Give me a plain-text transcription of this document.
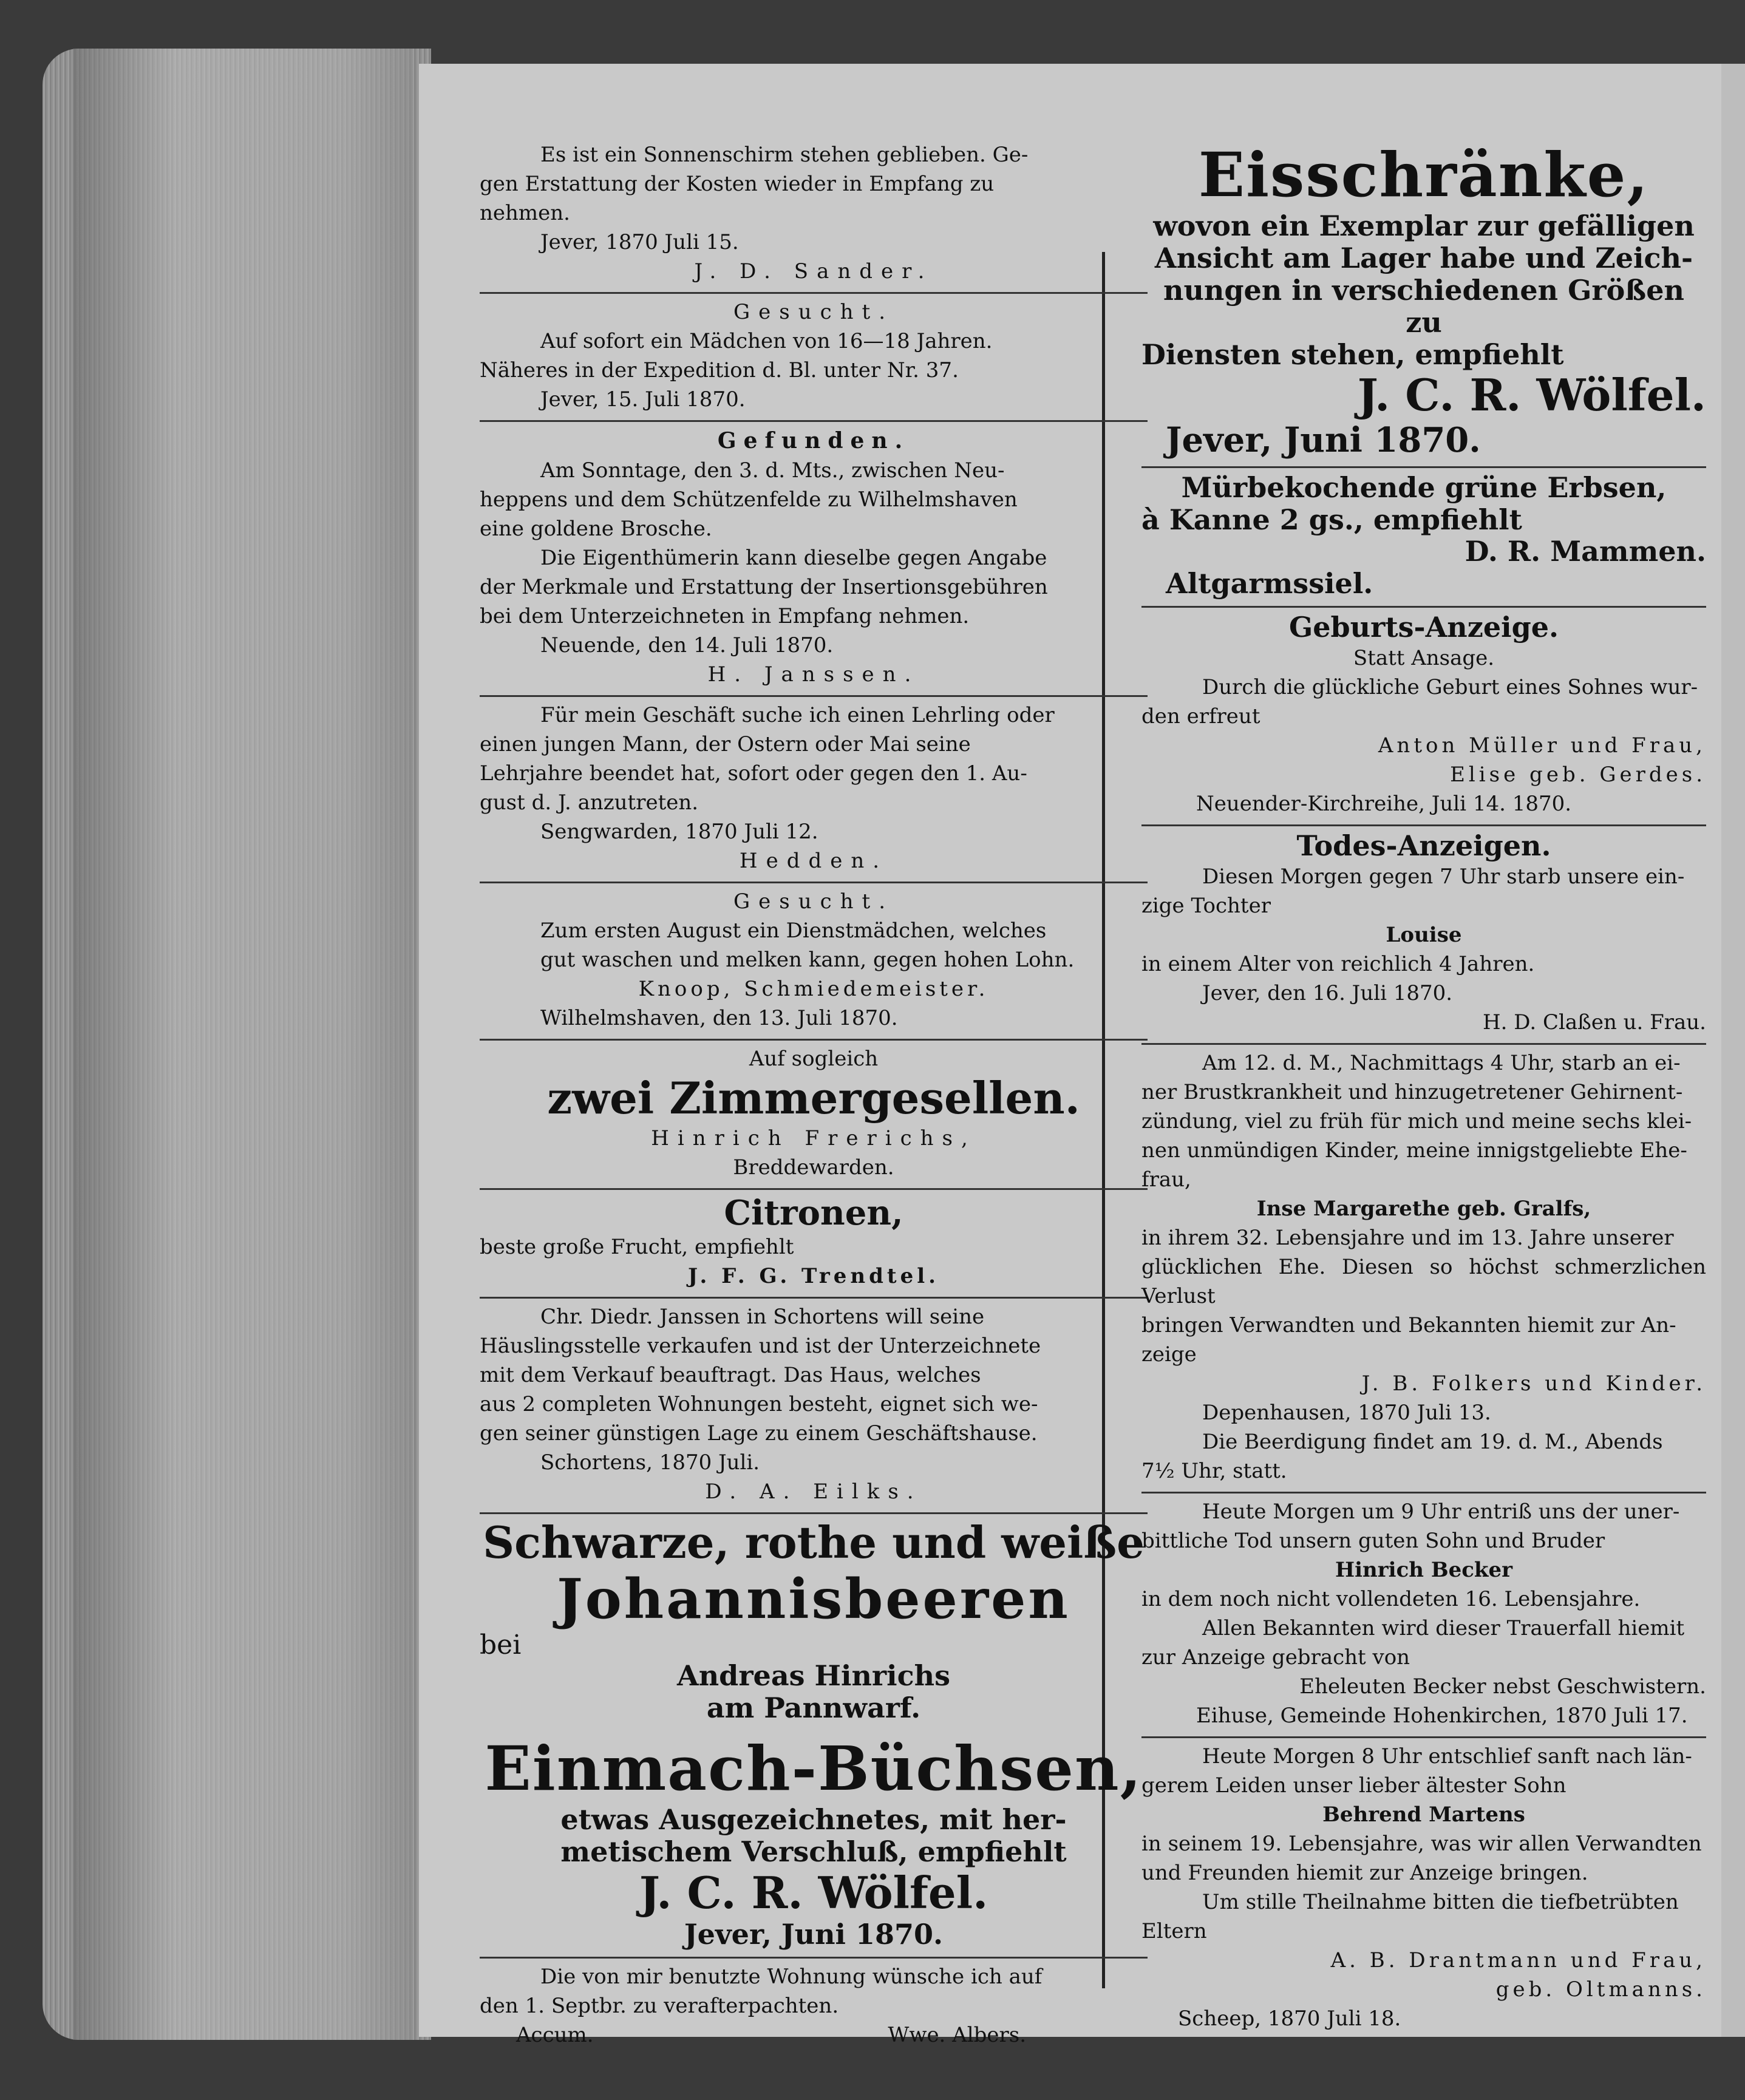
Es ist ein Sonnenschirm stehen geblieben. Ge-

gen Erstattung der Kosten wieder in Empfang zu

nehmen.

Jever, 1870 Juli 15.

J. D. Sander.

Gesucht.

Auf sofort ein Mädchen von 16—18 Jahren.

Näheres in der Expedition d. Bl. unter Nr. 37.

Jever, 15. Juli 1870.

Gefunden.

Am Sonntage, den 3. d. Mts., zwischen Neu-

heppens und dem Schützenfelde zu Wilhelmshaven

eine goldene Brosche.

Die Eigenthümerin kann dieselbe gegen Angabe

der Merkmale und Erstattung der Insertionsgebühren

bei dem Unterzeichneten in Empfang nehmen.

Neuende, den 14. Juli 1870.

H. Janssen.

Für mein Geschäft suche ich einen Lehrling oder

einen jungen Mann, der Ostern oder Mai seine

Lehrjahre beendet hat, sofort oder gegen den 1. Au-

gust d. J. anzutreten.

Sengwarden, 1870 Juli 12.

Hedden.

Gesucht.

Zum ersten August ein Dienstmädchen, welches

gut waschen und melken kann, gegen hohen Lohn.

Knoop, Schmiedemeister.

Wilhelmshaven, den 13. Juli 1870.

Auf sogleich

zwei Zimmergesellen.

Hinrich Frerichs,

Breddewarden.

Citronen,

beste große Frucht, empfiehlt

J. F. G. Trendtel.

Chr. Diedr. Janssen in Schortens will seine

Häuslingsstelle verkaufen und ist der Unterzeichnete

mit dem Verkauf beauftragt. Das Haus, welches

aus 2 completen Wohnungen besteht, eignet sich we-

gen seiner günstigen Lage zu einem Geschäftshause.

Schortens, 1870 Juli.

D. A. Eilks.

Schwarze, rothe und weiße

Johannisbeeren

bei

Andreas Hinrichs

am Pannwarf.

Einmach-Büchsen,

etwas Ausgezeichnetes, mit her-

metischem Verschluß, empfiehlt

J. C. R. Wölfel.

Jever, Juni 1870.

Die von mir benutzte Wohnung wünsche ich auf

den 1. Septbr. zu verafterpachten.

Accum.	Wwe. Albers.

Eisschränke,

wovon ein Exemplar zur gefälligen

Ansicht am Lager habe und Zeich-

nungen in verschiedenen Größen zu

Diensten stehen, empfiehlt

J. C. R. Wölfel.

Jever, Juni 1870.

Mürbekochende grüne Erbsen,

à Kanne 2 gs., empfiehlt

D. R. Mammen.

Altgarmssiel.

Geburts-Anzeige.

Statt Ansage.

Durch die glückliche Geburt eines Sohnes wur-

den erfreut

Anton Müller und Frau,

Elise geb. Gerdes.

Neuender-Kirchreihe, Juli 14. 1870.

Todes-Anzeigen.

Diesen Morgen gegen 7 Uhr starb unsere ein-

zige Tochter

Louise

in einem Alter von reichlich 4 Jahren.

Jever, den 16. Juli 1870.

H. D. Claßen u. Frau.

Am 12. d. M., Nachmittags 4 Uhr, starb an ei-

ner Brustkrankheit und hinzugetretener Gehirnent-

zündung, viel zu früh für mich und meine sechs klei-

nen unmündigen Kinder, meine innigstgeliebte Ehe-

frau,

Inse Margarethe geb. Gralfs,

in ihrem 32. Lebensjahre und im 13. Jahre unserer

glücklichen Ehe. Diesen so höchst schmerzlichen Verlust

bringen Verwandten und Bekannten hiemit zur An-

zeige

J. B. Folkers und Kinder.

Depenhausen, 1870 Juli 13.

Die Beerdigung findet am 19. d. M., Abends

7½ Uhr, statt.

Heute Morgen um 9 Uhr entriß uns der uner-

bittliche Tod unsern guten Sohn und Bruder

Hinrich Becker

in dem noch nicht vollendeten 16. Lebensjahre.

Allen Bekannten wird dieser Trauerfall hiemit

zur Anzeige gebracht von

Eheleuten Becker nebst Geschwistern.

Eihuse, Gemeinde Hohenkirchen, 1870 Juli 17.

Heute Morgen 8 Uhr entschlief sanft nach län-

gerem Leiden unser lieber ältester Sohn

Behrend Martens

in seinem 19. Lebensjahre, was wir allen Verwandten

und Freunden hiemit zur Anzeige bringen.

Um stille Theilnahme bitten die tiefbetrübten

Eltern

A. B. Drantmann und Frau,

geb. Oltmanns.

Scheep, 1870 Juli 18.
